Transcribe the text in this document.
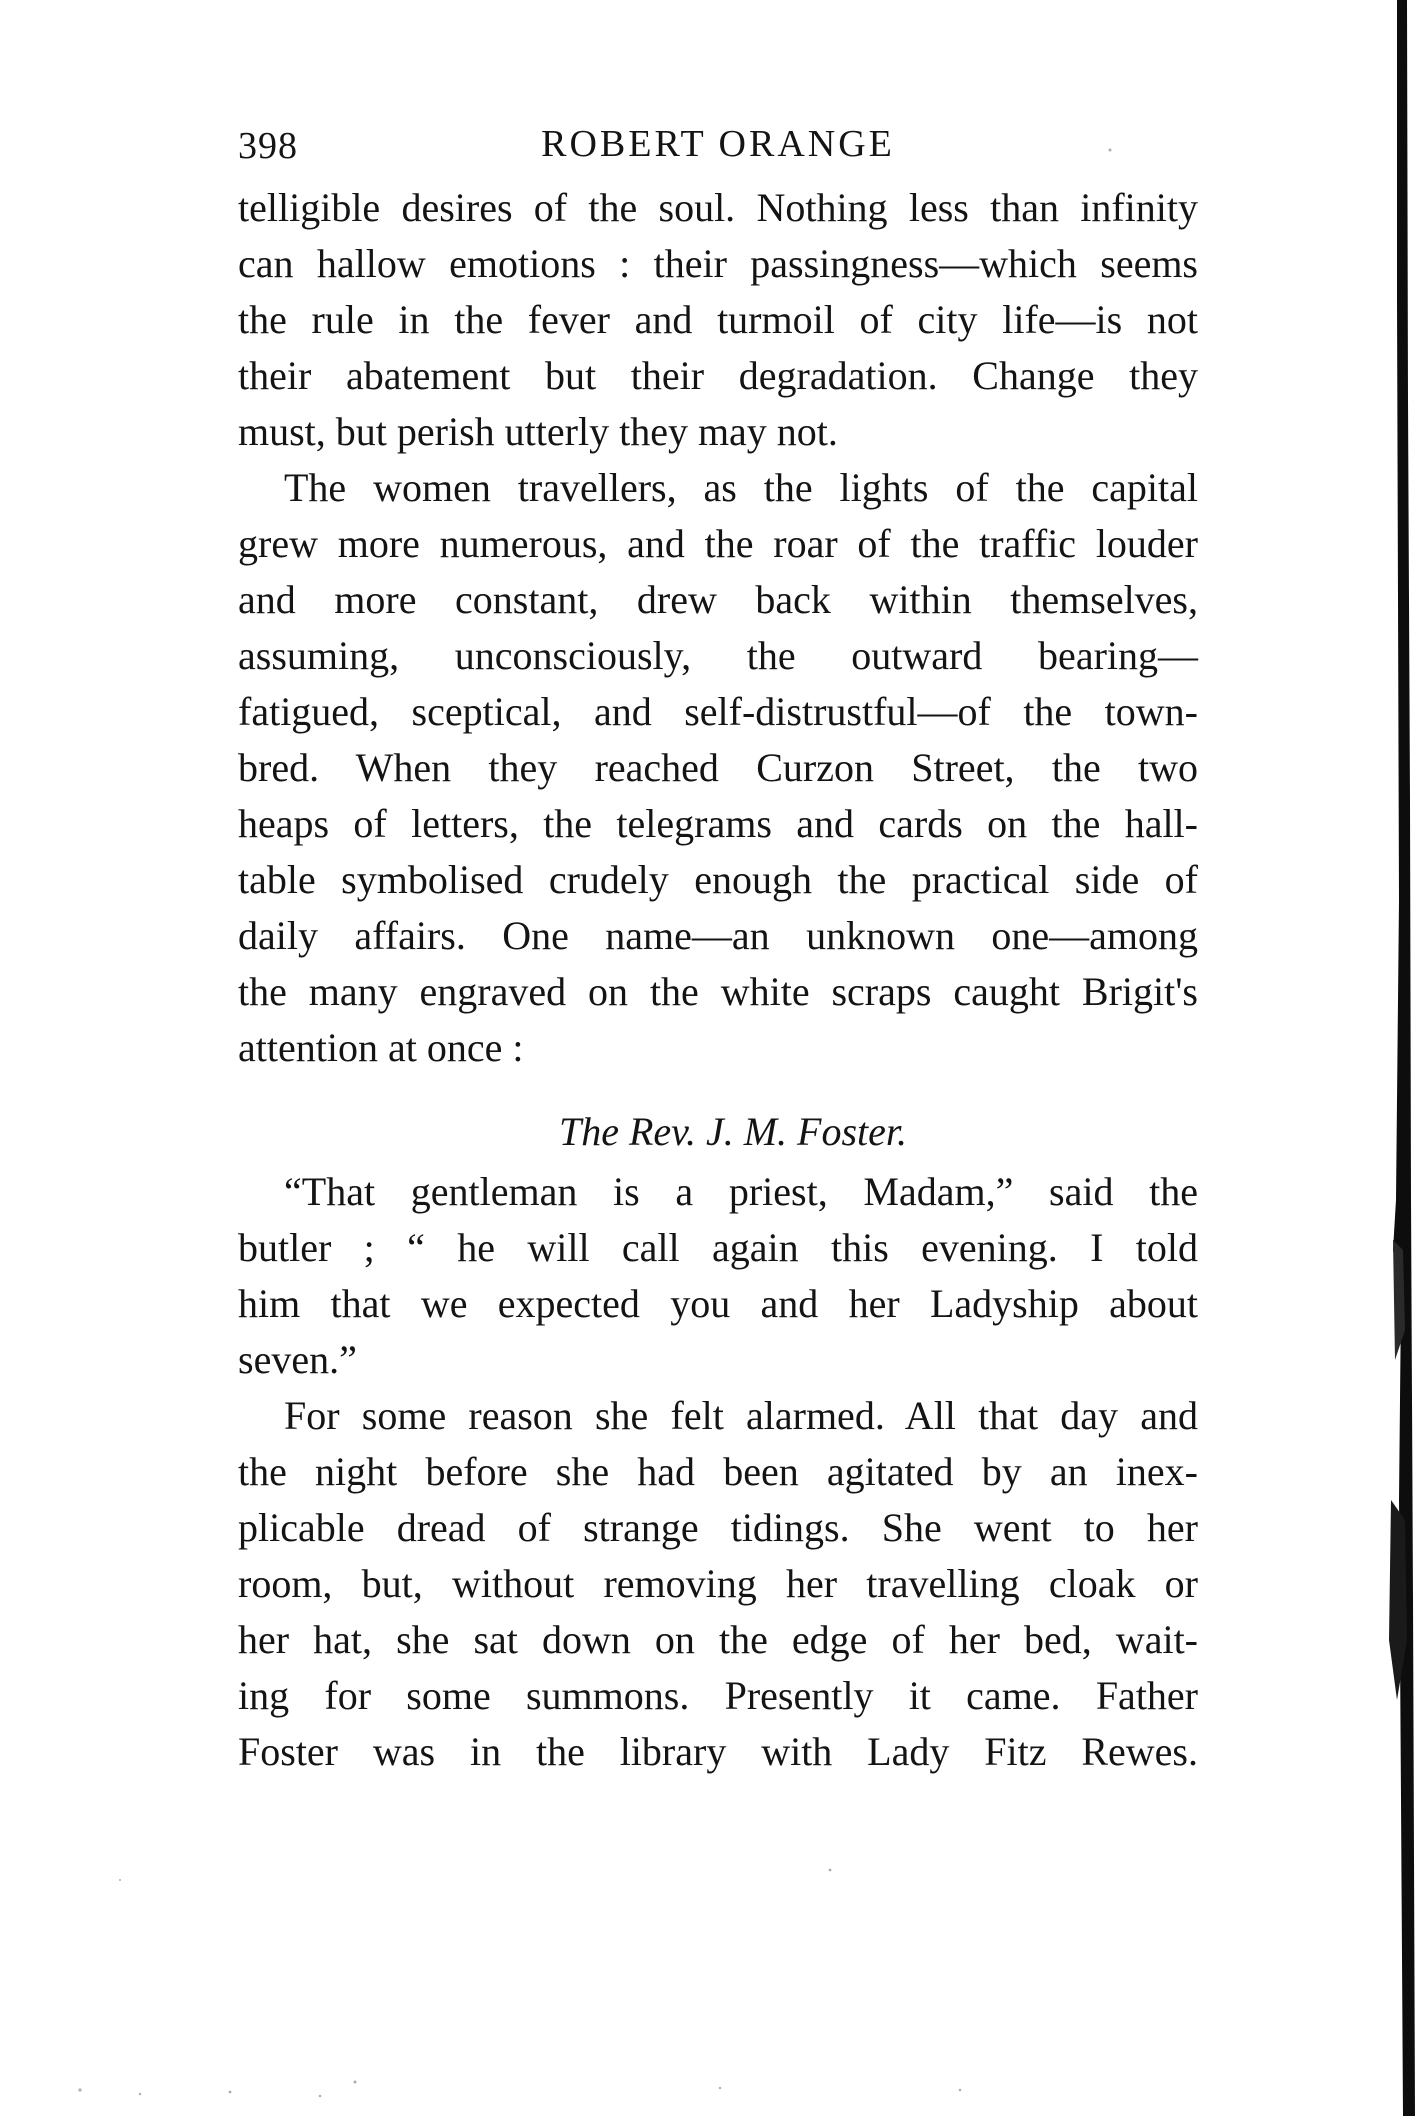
398	ROBERT ORANGE
telligible desires of the soul. Nothing less than infinity
can hallow emotions : their passingness—which seems
the rule in the fever and turmoil of city life—is not
their abatement but their degradation. Change they
must, but perish utterly they may not.
The women travellers, as the lights of the capital
grew more numerous, and the roar of the traffic louder
and more constant, drew back within themselves,
assuming, unconsciously, the outward bearing—
fatigued, sceptical, and self-distrustful—of the town-
bred. When they reached Curzon Street, the two
heaps of letters, the telegrams and cards on the hall-
table symbolised crudely enough the practical side of
daily affairs. One name—an unknown one—among
the many engraved on the white scraps caught Brigit's
attention at once :
The Rev. J. M. Foster.
“That gentleman is a priest, Madam,” said the
butler ; “ he will call again this evening. I told
him that we expected you and her Ladyship about
seven.”
For some reason she felt alarmed. All that day and
the night before she had been agitated by an inex-
plicable dread of strange tidings. She went to her
room, but, without removing her travelling cloak or
her hat, she sat down on the edge of her bed, wait-
ing for some summons. Presently it came. Father
Foster was in the library with Lady Fitz Rewes.
